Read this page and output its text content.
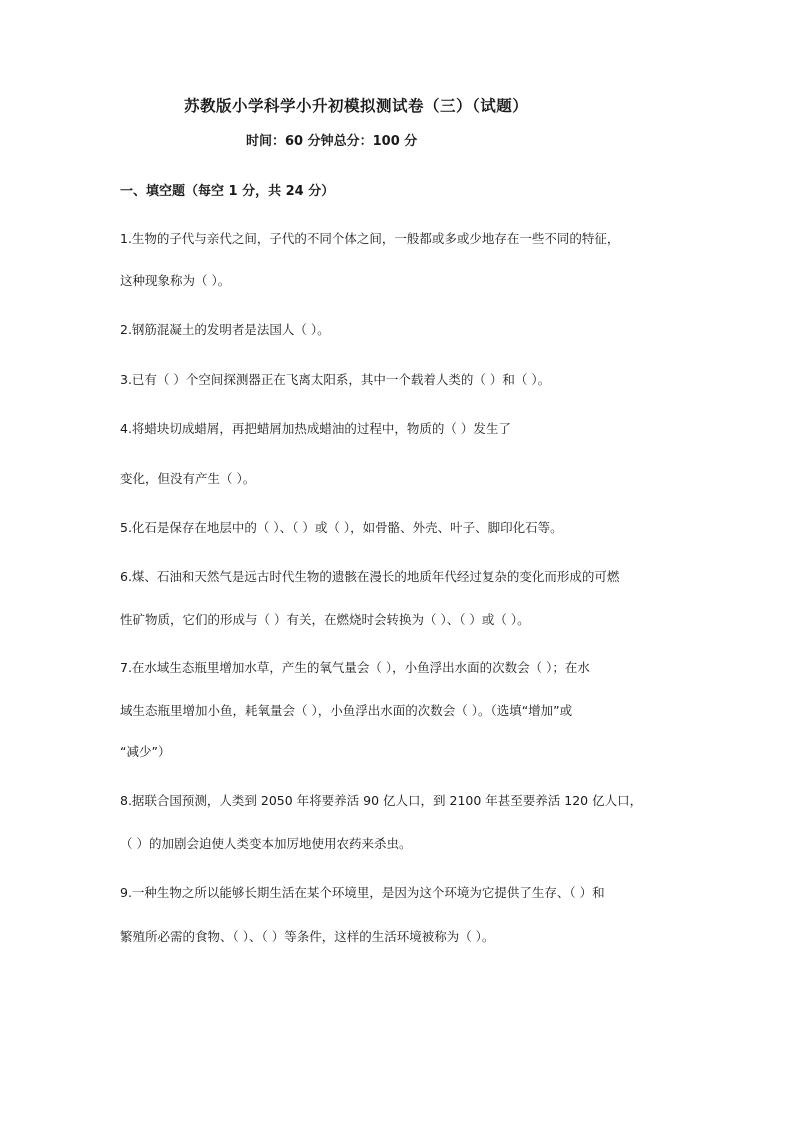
苏教版小学科学小升初模拟测试卷（三）（试题）
时间：60 分钟总分：100 分
一、填空题（每空 1 分，共 24 分）
1.生物的子代与亲代之间，子代的不同个体之间，一般都或多或少地存在一些不同的特征，
这种现象称为（ ）。
2.钢筋混凝土的发明者是法国人（ ）。
3.已有（ ）个空间探测器正在飞离太阳系，其中一个载着人类的（ ）和（ ）。
4.将蜡块切成蜡屑，再把蜡屑加热成蜡油的过程中，物质的（ ）发生了
变化，但没有产生（ ）。
5.化石是保存在地层中的（ ）、（ ）或（ ），如骨骼、外壳、叶子、脚印化石等。
6.煤、石油和天然气是远古时代生物的遗骸在漫长的地质年代经过复杂的变化而形成的可燃
性矿物质，它们的形成与（ ）有关，在燃烧时会转换为（ ）、（ ）或（ ）。
7.在水域生态瓶里增加水草，产生的氧气量会（ ），小鱼浮出水面的次数会（ ）；在水
域生态瓶里增加小鱼，耗氧量会（ ），小鱼浮出水面的次数会（ ）。（选填“增加”或
“减少”）
8.据联合国预测，人类到 2050 年将要养活 90 亿人口，到 2100 年甚至要养活 120 亿人口，
（ ）的加剧会迫使人类变本加厉地使用农药来杀虫。
9.一种生物之所以能够长期生活在某个环境里，是因为这个环境为它提供了生存、（ ）和
繁殖所必需的食物、（ ）、（ ）等条件，这样的生活环境被称为（ ）。
